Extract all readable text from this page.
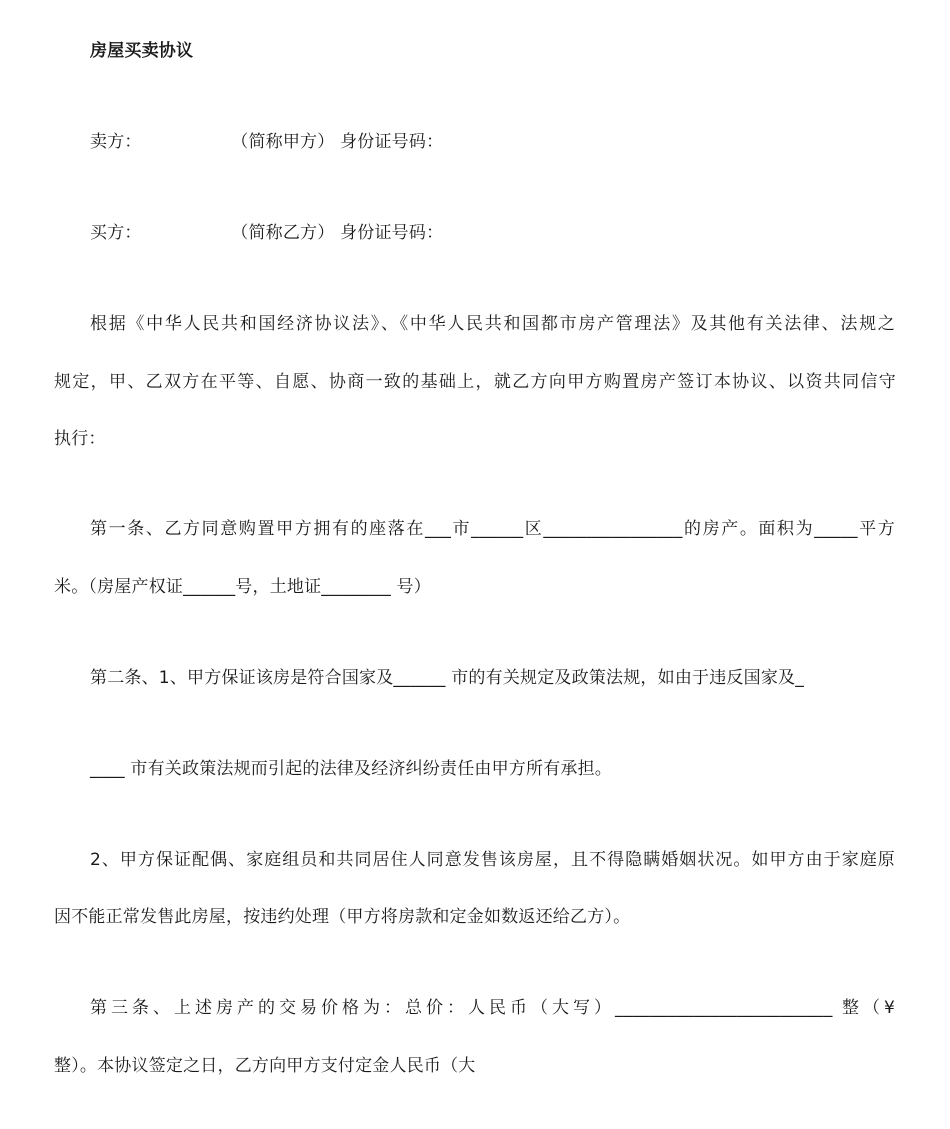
房屋买卖协议
卖方：                （简称甲方） 身份证号码：
买方：                （简称乙方） 身份证号码：
根据《中华人民共和国经济协议法》、《中华人民共和国都市房产管理法》及其他有关法律、法规之
规定，甲、乙双方在平等、自愿、协商一致的基础上，就乙方向甲方购置房产签订本协议、以资共同信守
执行：
第一条、乙方同意购置甲方拥有的座落在___市______区________________的房产。面积为_____平方
米。（房屋产权证______号，土地证________ 号）
第二条、1、甲方保证该房是符合国家及______ 市的有关规定及政策法规，如由于违反国家及_
____ 市有关政策法规而引起的法律及经济纠纷责任由甲方所有承担。
2、甲方保证配偶、家庭组员和共同居住人同意发售该房屋，且不得隐瞒婚姻状况。如甲方由于家庭原
因不能正常发售此房屋，按违约处理（甲方将房款和定金如数返还给乙方）。
第三条、上述房产的交易价格为：总价：人民币（大写）_________________________ 整（¥
整）。本协议签定之日，乙方向甲方支付定金人民币（大
